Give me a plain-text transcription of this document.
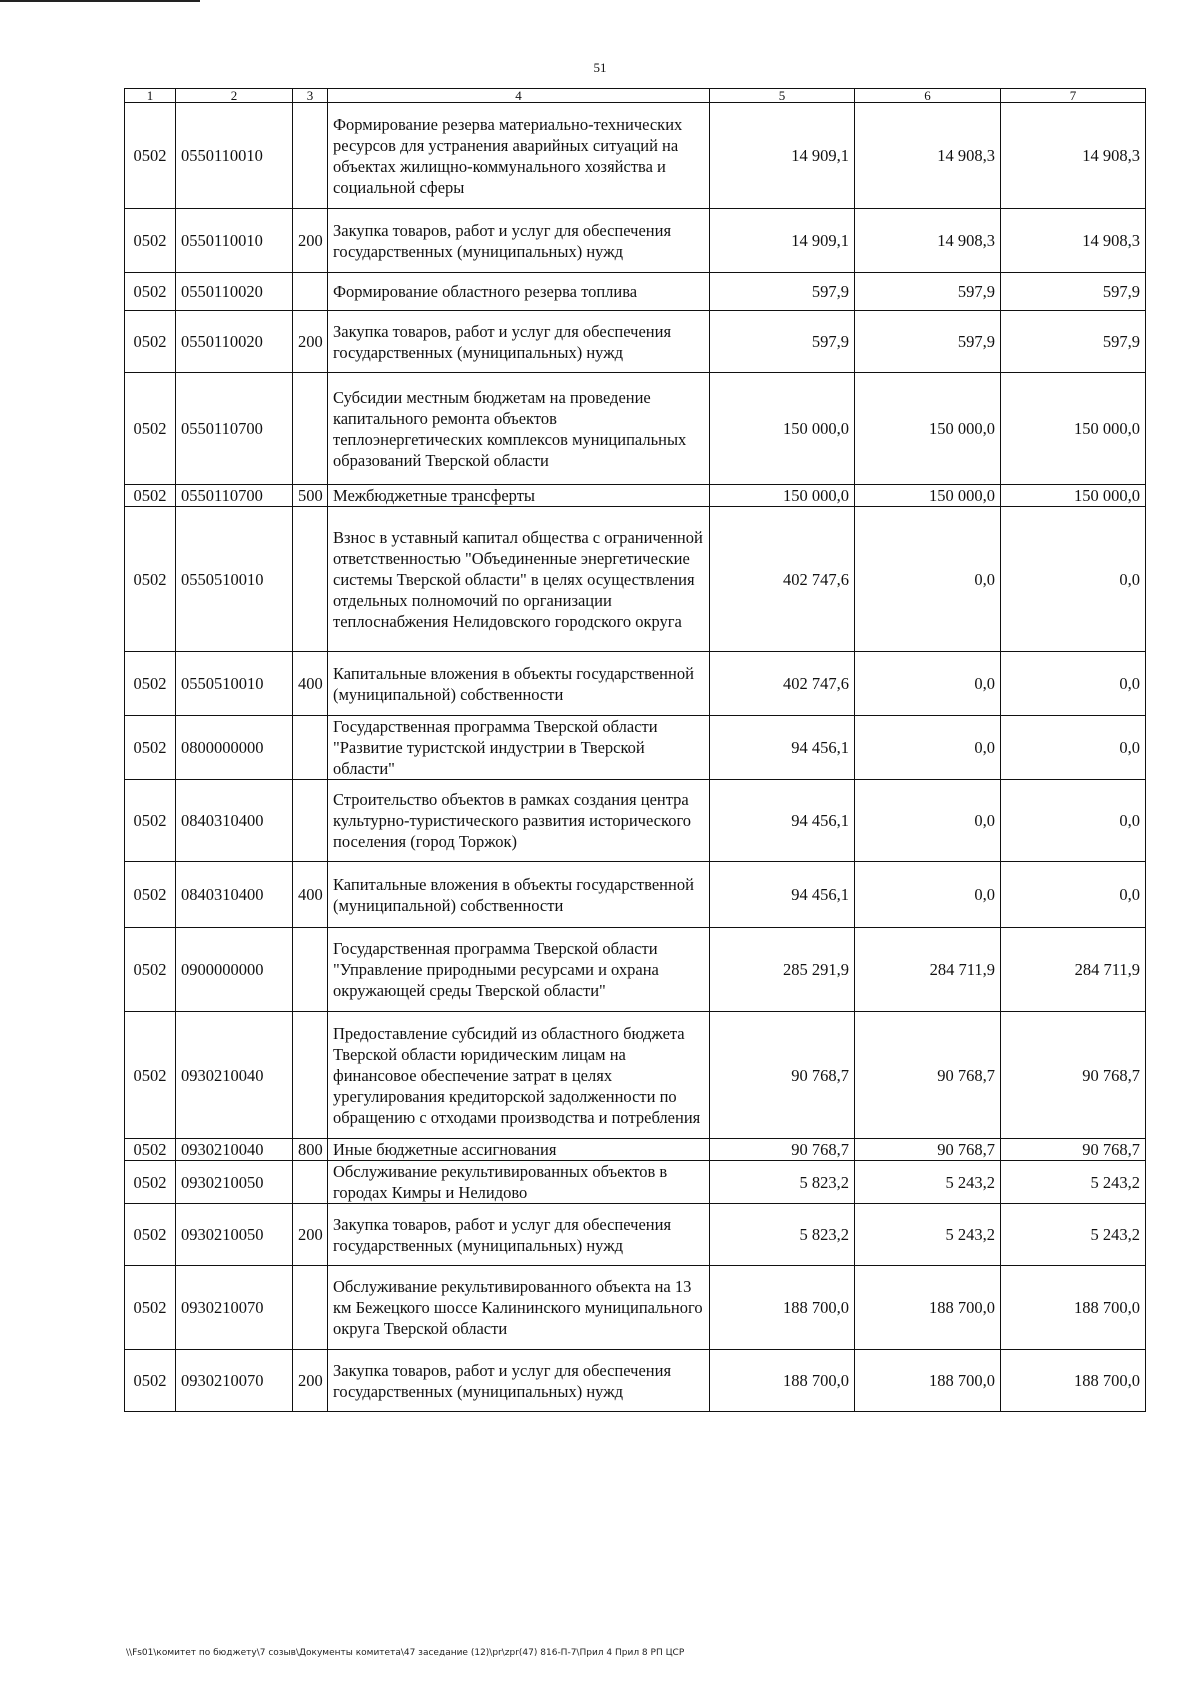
51
1	2	3	4	5	6	7
0502	0550110010		Формирование резерва материально-технических ресурсов для устранения аварийных ситуаций на объектах жилищно-коммунального хозяйства и социальной сферы	14 909,1	14 908,3	14 908,3
0502	0550110010	200	Закупка товаров, работ и услуг для обеспечения государственных (муниципальных) нужд	14 909,1	14 908,3	14 908,3
0502	0550110020		Формирование областного резерва топлива	597,9	597,9	597,9
0502	0550110020	200	Закупка товаров, работ и услуг для обеспечения государственных (муниципальных) нужд	597,9	597,9	597,9
0502	0550110700		Субсидии местным бюджетам на проведение капитального ремонта объектов теплоэнергетических комплексов муниципальных образований Тверской области	150 000,0	150 000,0	150 000,0
0502	0550110700	500	Межбюджетные трансферты	150 000,0	150 000,0	150 000,0
0502	0550510010		Взнос в уставный капитал общества с ограниченной ответственностью "Объединенные энергетические системы Тверской области" в целях осуществления отдельных полномочий по организации теплоснабжения Нелидовского городского округа	402 747,6	0,0	0,0
0502	0550510010	400	Капитальные вложения в объекты государственной (муниципальной) собственности	402 747,6	0,0	0,0
0502	0800000000		Государственная программа Тверской области "Развитие туристской индустрии в Тверской области"	94 456,1	0,0	0,0
0502	0840310400		Строительство объектов в рамках создания центра культурно-туристического развития исторического поселения (город Торжок)	94 456,1	0,0	0,0
0502	0840310400	400	Капитальные вложения в объекты государственной (муниципальной) собственности	94 456,1	0,0	0,0
0502	0900000000		Государственная программа Тверской области "Управление природными ресурсами и охрана окружающей среды Тверской области"	285 291,9	284 711,9	284 711,9
0502	0930210040		Предоставление субсидий из областного бюджета Тверской области юридическим лицам на финансовое обеспечение затрат в целях урегулирования кредиторской задолженности по обращению с отходами производства и потребления	90 768,7	90 768,7	90 768,7
0502	0930210040	800	Иные бюджетные ассигнования	90 768,7	90 768,7	90 768,7
0502	0930210050		Обслуживание рекультивированных объектов в городах Кимры и Нелидово	5 823,2	5 243,2	5 243,2
0502	0930210050	200	Закупка товаров, работ и услуг для обеспечения государственных (муниципальных) нужд	5 823,2	5 243,2	5 243,2
0502	0930210070		Обслуживание рекультивированного объекта на 13 км Бежецкого шоссе Калининского муниципального округа Тверской области	188 700,0	188 700,0	188 700,0
0502	0930210070	200	Закупка товаров, работ и услуг для обеспечения государственных (муниципальных) нужд	188 700,0	188 700,0	188 700,0
\\Fs01\комитет по бюджету\7 созыв\Документы комитета\47 заседание (12)\pr\zpr(47) 816-П-7\Прил 4 Прил 8 РП ЦСР
